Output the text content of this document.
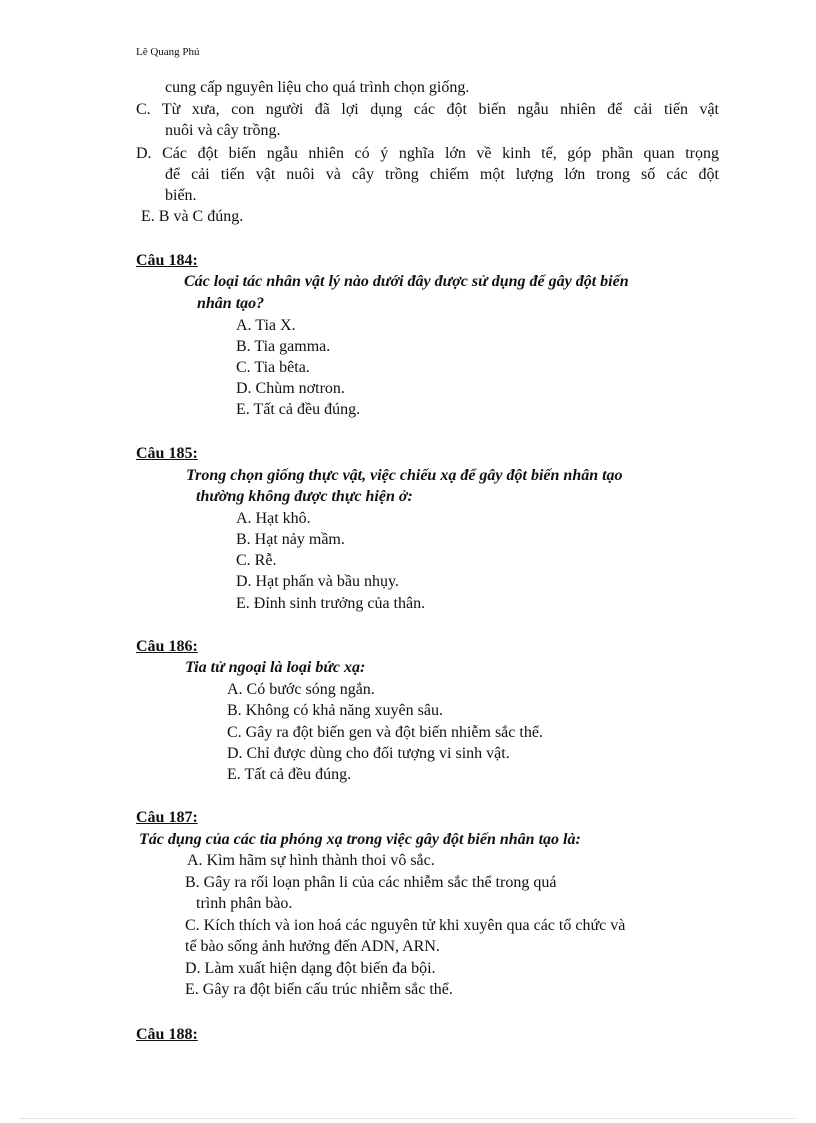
Lê Quang Phú
cung cấp nguyên liệu cho quá trình chọn giống.
C. Từ xưa, con người đã lợi dụng các đột biến ngẫu nhiên để cải tiến vật
nuôi và cây trồng.
D. Các đột biến ngẫu nhiên có ý nghĩa lớn về kinh tế, góp phần quan trọng
để cải tiến vật nuôi và cây trồng chiếm một lượng lớn trong số các đột
biến.
E. B và C đúng.
Câu 184:
Các loại tác nhân vật lý nào dưới đây được sử dụng để gây đột biến
nhân tạo?
A. Tia X.
B. Tia gamma.
C. Tia bêta.
D. Chùm nơtron.
E. Tất cả đều đúng.
Câu 185:
Trong chọn giống thực vật, việc chiếu xạ để gây đột biến nhân tạo
thường không được thực hiện ở:
A. Hạt khô.
B. Hạt nảy mầm.
C. Rễ.
D. Hạt phấn và bầu nhụy.
E. Đỉnh sinh trưởng của thân.
Câu 186:
Tia tử ngoại là loại bức xạ:
A. Có bước sóng ngắn.
B. Không có khả năng xuyên sâu.
C. Gây ra đột biến gen và đột biến nhiễm sắc thể.
D. Chỉ được dùng cho đối tượng vi sinh vật.
E. Tất cả đều đúng.
Câu 187:
Tác dụng của các tia phóng xạ trong việc gây đột biến nhân tạo là:
A. Kìm hãm sự hình thành thoi vô sắc.
B. Gây ra rối loạn phân li của các nhiễm sắc thể trong quá
trình phân bào.
C. Kích thích và ion hoá các nguyên tử khi xuyên qua các tổ chức và
tế bào sống ảnh hưởng đến ADN, ARN.
D. Làm xuất hiện dạng đột biến đa bội.
E. Gây ra đột biến cấu trúc nhiễm sắc thể.
Câu 188:
